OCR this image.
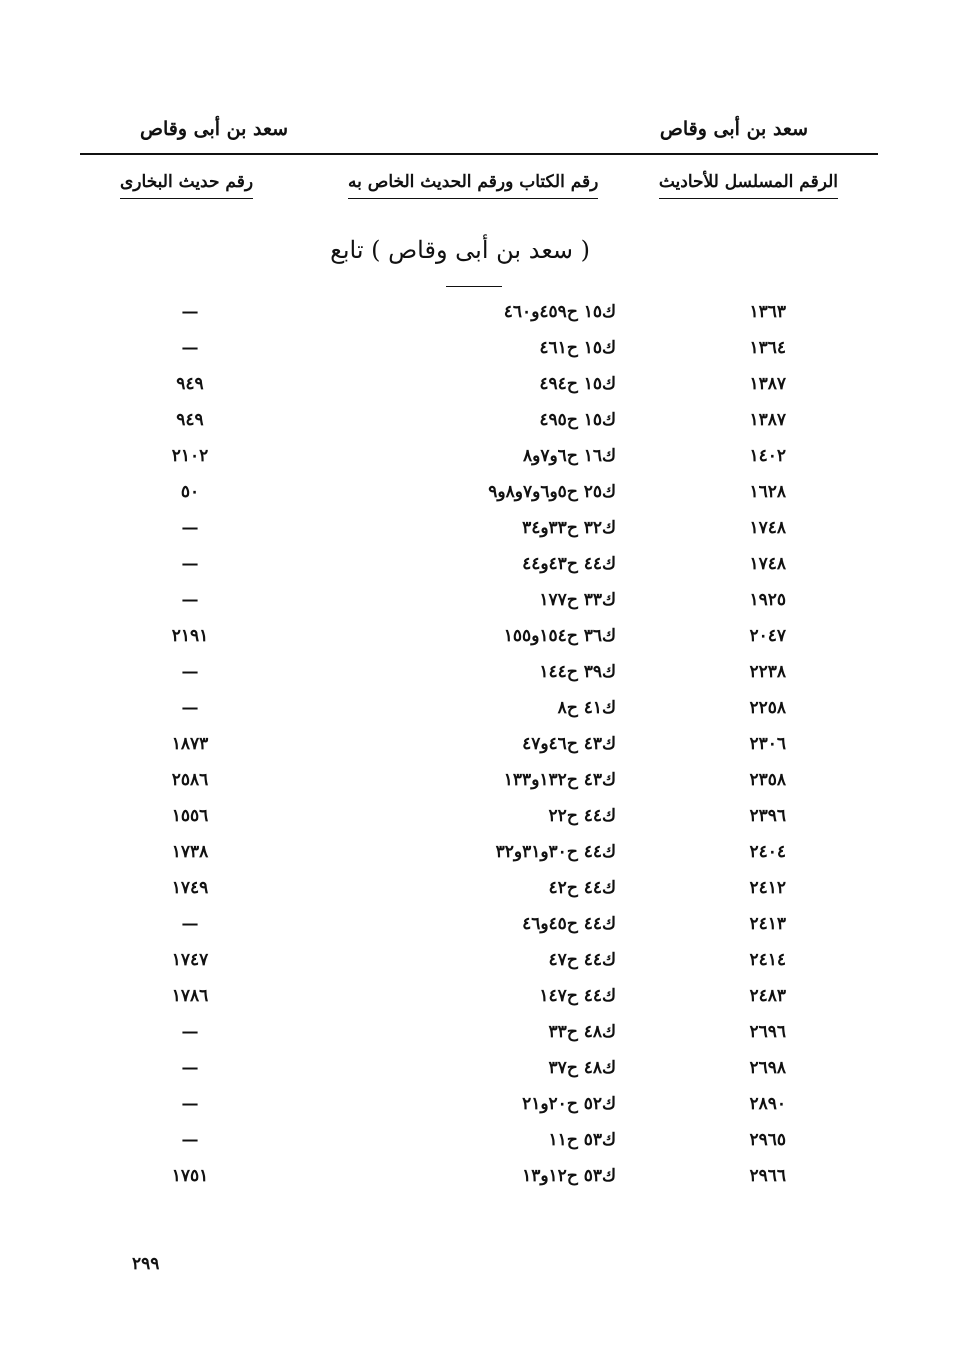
سعد بن أبى وقاص
سعد بن أبى وقاص
الرقم المسلسل للأحاديث
رقم الكتاب ورقم الحديث الخاص به
رقم حديث البخارى
( سعد بن أبى وقاص ) تابع
١٣٦٣
ك١٥ ح٤٥٩و٤٦٠
—
١٣٦٤
ك١٥ ح٤٦١
—
١٣٨٧
ك١٥ ح٤٩٤
٩٤٩
١٣٨٧
ك١٥ ح٤٩٥
٩٤٩
١٤٠٢
ك١٦ ح٦و٧و٨
٢١٠٢
١٦٢٨
ك٢٥ ح٥و٦و٧و٨و٩
٥٠
١٧٤٨
ك٣٢ ح٣٣و٣٤
—
١٧٤٨
ك٤٤ ح٤٣و٤٤
—
١٩٢٥
ك٣٣ ح١٧٧
—
٢٠٤٧
ك٣٦ ح١٥٤و١٥٥
٢١٩١
٢٢٣٨
ك٣٩ ح١٤٤
—
٢٢٥٨
ك٤١ ح٨
—
٢٣٠٦
ك٤٣ ح٤٦و٤٧
١٨٧٣
٢٣٥٨
ك٤٣ ح١٣٢و١٣٣
٢٥٨٦
٢٣٩٦
ك٤٤ ح٢٢
١٥٥٦
٢٤٠٤
ك٤٤ ح٣٠و٣١و٣٢
١٧٣٨
٢٤١٢
ك٤٤ ح٤٢
١٧٤٩
٢٤١٣
ك٤٤ ح٤٥و٤٦
—
٢٤١٤
ك٤٤ ح٤٧
١٧٤٧
٢٤٨٣
ك٤٤ ح١٤٧
١٧٨٦
٢٦٩٦
ك٤٨ ح٣٣
—
٢٦٩٨
ك٤٨ ح٣٧
—
٢٨٩٠
ك٥٢ ح٢٠و٢١
—
٢٩٦٥
ك٥٣ ح١١
—
٢٩٦٦
ك٥٣ ح١٢و١٣
١٧٥١
٢٩٩
